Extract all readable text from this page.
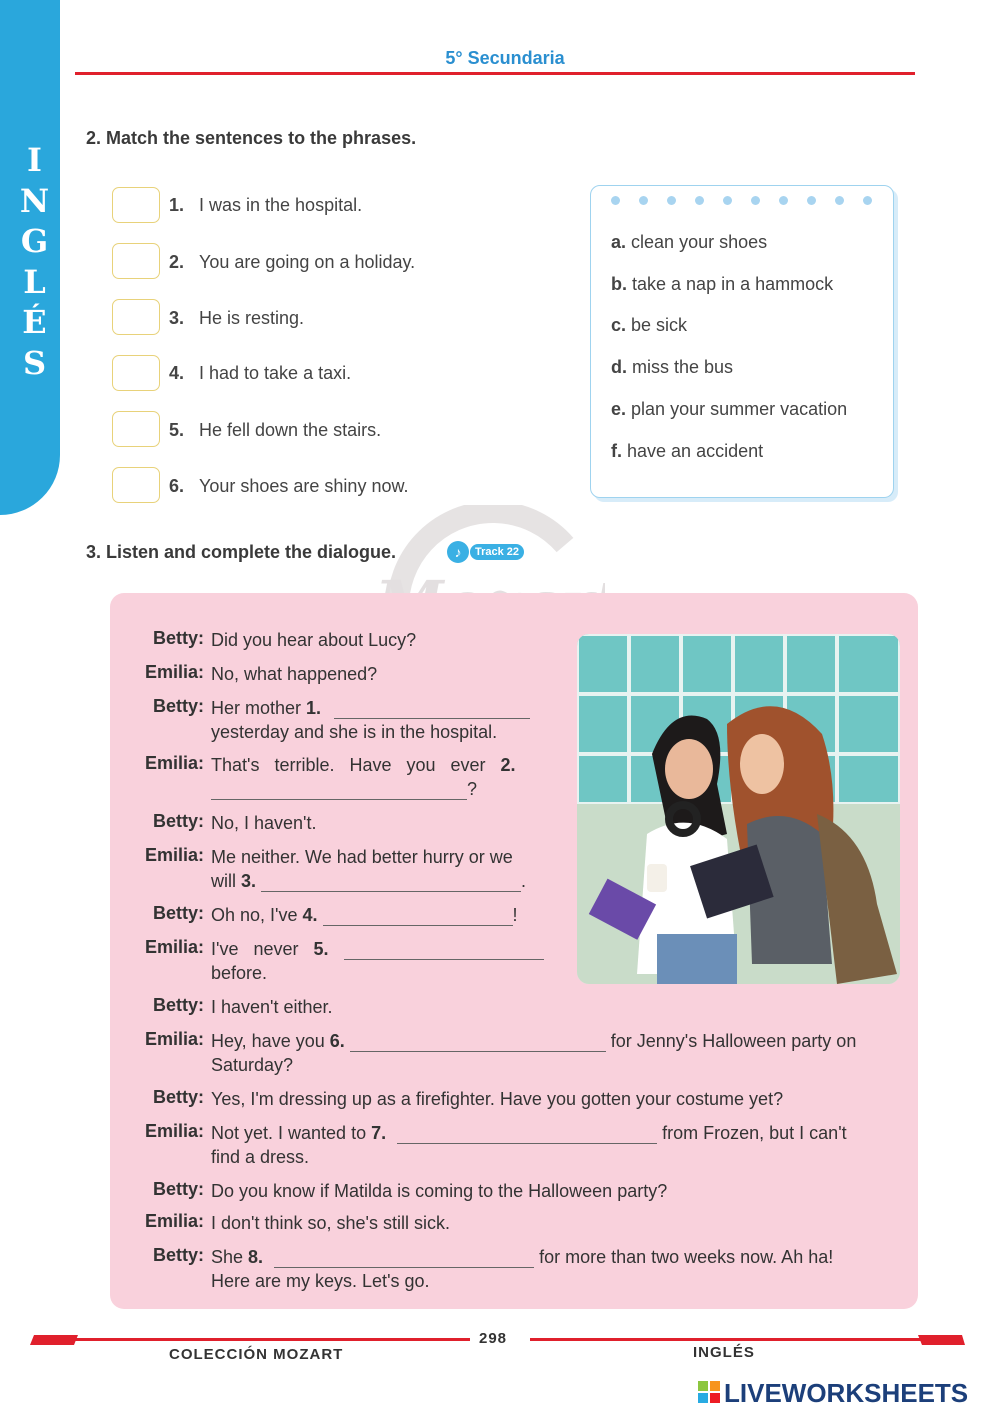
I
N
G
L
É
S
5° Secundaria
2. Match the sentences to the phrases.
1. I was in the hospital.
2. You are going on a holiday.
3. He is resting.
4. I had to take a taxi.
5. He fell down the stairs.
6. Your shoes are shiny now.
a. clean your shoes
b. take a nap in a hammock
c. be sick
d. miss the bus
e. plan your summer vacation
f. have an accident
3. Listen and complete the dialogue.	♪	Track 22
Betty: Did you hear about Lucy?
Emilia: No, what happened?
Betty: Her mother 1.
yesterday and she is in the hospital.
Emilia: That's   terrible.   Have   you   ever   2.
?
Betty: No, I haven't.
Emilia: Me neither. We had better hurry or we
will 3.	.
Betty: Oh no, I've 4.	!
Emilia: I've   never   5.
before.
Betty: I haven't either.
Emilia: Hey, have you 6.	for Jenny's Halloween party on
Saturday?
Betty: Yes, I'm dressing up as a firefighter. Have you gotten your costume yet?
Emilia: Not yet. I wanted to 7.	from Frozen, but I can't
find a dress.
Betty: Do you know if Matilda is coming to the Halloween party?
Emilia: I don't think so, she's still sick.
Betty: She 8.	for more than two weeks now. Ah ha!
Here are my keys. Let's go.
298
COLECCIÓN MOZART	INGLÉS
LIVEWORKSHEETS
